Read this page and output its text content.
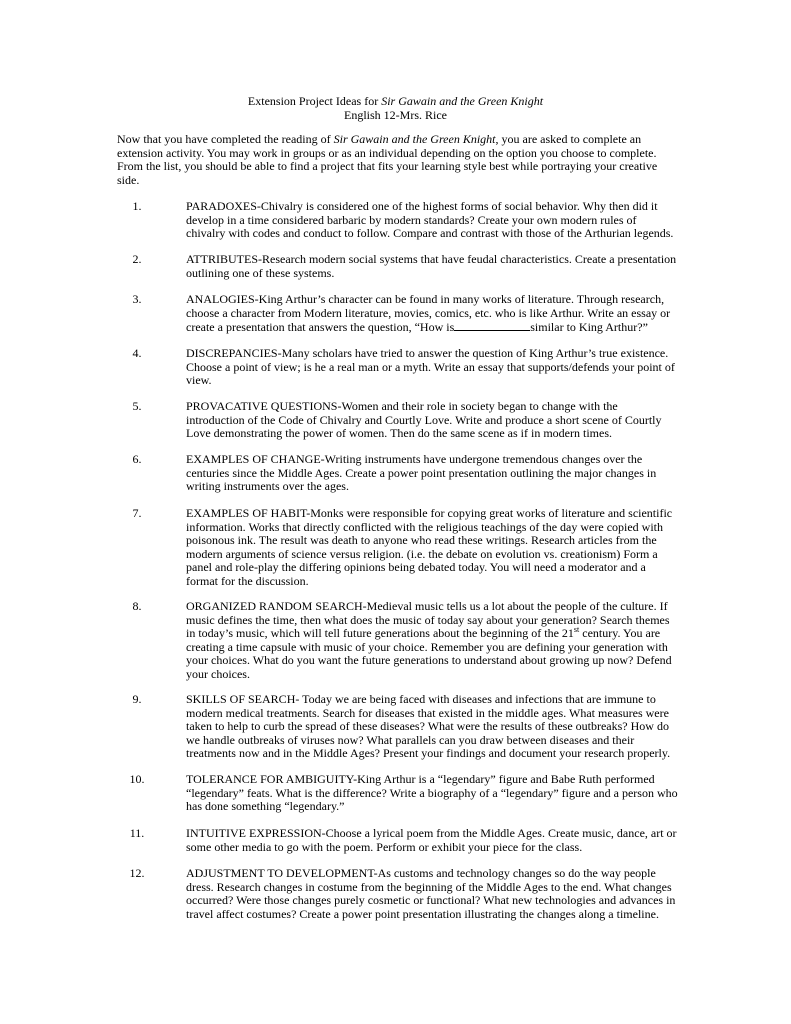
Extension Project Ideas for Sir Gawain and the Green Knight
English 12-Mrs. Rice
Now that you have completed the reading of Sir Gawain and the Green Knight, you are asked to complete an extension activity. You may work in groups or as an individual depending on the option you choose to complete. From the list, you should be able to find a project that fits your learning style best while portraying your creative side.
1.	PARADOXES-Chivalry is considered one of the highest forms of social behavior. Why then did it develop in a time considered barbaric by modern standards? Create your own modern rules of chivalry with codes and conduct to follow. Compare and contrast with those of the Arthurian legends.
2.	ATTRIBUTES-Research modern social systems that have feudal characteristics. Create a presentation outlining one of these systems.
3.	ANALOGIES-King Arthur’s character can be found in many works of literature. Through research, choose a character from Modern literature, movies, comics, etc. who is like Arthur. Write an essay or create a presentation that answers the question, “How is	similar to King Arthur?”
4.	DISCREPANCIES-Many scholars have tried to answer the question of King Arthur’s true existence. Choose a point of view; is he a real man or a myth. Write an essay that supports/defends your point of view.
5.	PROVACATIVE QUESTIONS-Women and their role in society began to change with the introduction of the Code of Chivalry and Courtly Love. Write and produce a short scene of Courtly Love demonstrating the power of women. Then do the same scene as if in modern times.
6.	EXAMPLES OF CHANGE-Writing instruments have undergone tremendous changes over the centuries since the Middle Ages. Create a power point presentation outlining the major changes in writing instruments over the ages.
7.	EXAMPLES OF HABIT-Monks were responsible for copying great works of literature and scientific information. Works that directly conflicted with the religious teachings of the day were copied with poisonous ink. The result was death to anyone who read these writings. Research articles from the modern arguments of science versus religion. (i.e. the debate on evolution vs. creationism) Form a panel and role-play the differing opinions being debated today. You will need a moderator and a format for the discussion.
8.	ORGANIZED RANDOM SEARCH-Medieval music tells us a lot about the people of the culture. If music defines the time, then what does the music of today say about your generation? Search themes in today’s music, which will tell future generations about the beginning of the 21st century. You are creating a time capsule with music of your choice. Remember you are defining your generation with your choices. What do you want the future generations to understand about growing up now? Defend your choices.
9.	SKILLS OF SEARCH- Today we are being faced with diseases and infections that are immune to modern medical treatments. Search for diseases that existed in the middle ages. What measures were taken to help to curb the spread of these diseases? What were the results of these outbreaks? How do we handle outbreaks of viruses now? What parallels can you draw between diseases and their treatments now and in the Middle Ages? Present your findings and document your research properly.
10.	TOLERANCE FOR AMBIGUITY-King Arthur is a “legendary” figure and Babe Ruth performed “legendary” feats. What is the difference? Write a biography of a “legendary” figure and a person who has done something “legendary.”
11.	INTUITIVE EXPRESSION-Choose a lyrical poem from the Middle Ages. Create music, dance, art or some other media to go with the poem. Perform or exhibit your piece for the class.
12.	ADJUSTMENT TO DEVELOPMENT-As customs and technology changes so do the way people dress. Research changes in costume from the beginning of the Middle Ages to the end. What changes occurred? Were those changes purely cosmetic or functional? What new technologies and advances in travel affect costumes? Create a power point presentation illustrating the changes along a timeline.
